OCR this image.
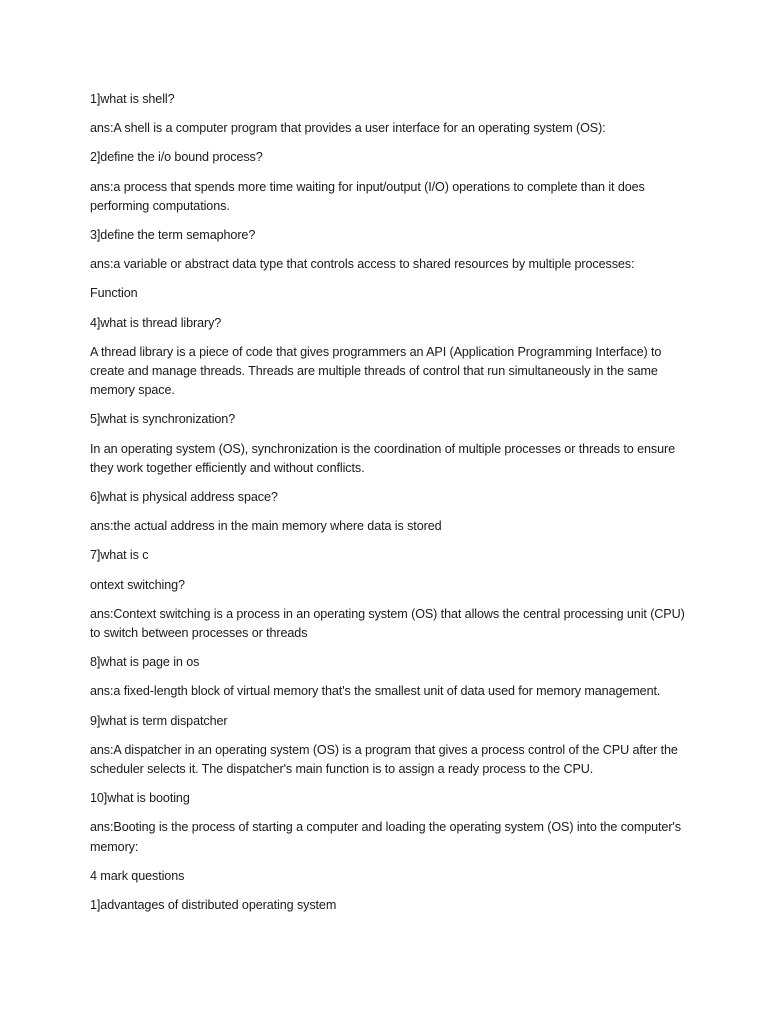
1]what is shell?

ans:A shell is a computer program that provides a user interface for an operating system (OS):

2]define the i/o bound process?

ans:a process that spends more time waiting for input/output (I/O) operations to complete than it does performing computations.

3]define the term semaphore?

ans:a variable or abstract data type that controls access to shared resources by multiple processes:

Function

4]what is thread library?

A thread library is a piece of code that gives programmers an API (Application Programming Interface) to create and manage threads. Threads are multiple threads of control that run simultaneously in the same memory space.

5]what is synchronization?

In an operating system (OS), synchronization is the coordination of multiple processes or threads to ensure they work together efficiently and without conflicts.

6]what is physical address space?

ans:the actual address in the main memory where data is stored

7]what is c

ontext switching?

ans:Context switching is a process in an operating system (OS) that allows the central processing unit (CPU) to switch between processes or threads

8]what is page in os

ans:a fixed-length block of virtual memory that's the smallest unit of data used for memory management.

9]what is term dispatcher

ans:A dispatcher in an operating system (OS) is a program that gives a process control of the CPU after the scheduler selects it. The dispatcher's main function is to assign a ready process to the CPU.

10]what is booting

ans:Booting is the process of starting a computer and loading the operating system (OS) into the computer's memory:

4 mark questions

1]advantages of distributed operating system
